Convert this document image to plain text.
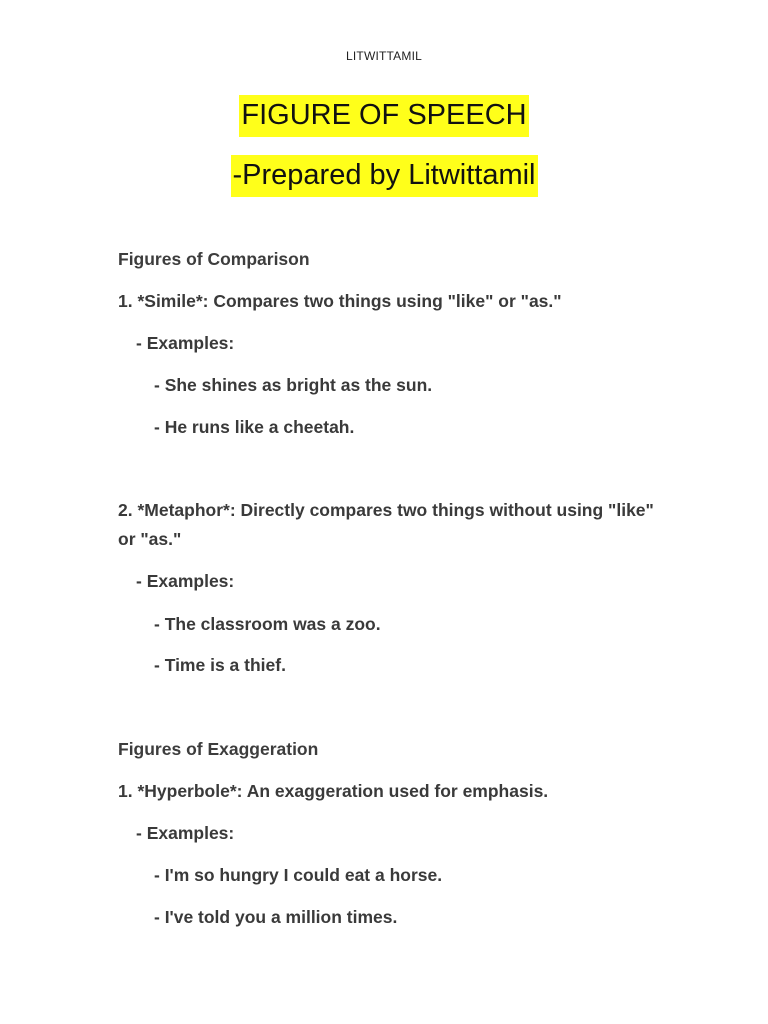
LITWITTAMIL
FIGURE OF SPEECH
-Prepared by Litwittamil
Figures of Comparison
1. *Simile*: Compares two things using "like" or "as."
- Examples:
- She shines as bright as the sun.
- He runs like a cheetah.
2. *Metaphor*: Directly compares two things without using "like"
or "as."
- Examples:
- The classroom was a zoo.
- Time is a thief.
Figures of Exaggeration
1. *Hyperbole*: An exaggeration used for emphasis.
- Examples:
- I'm so hungry I could eat a horse.
- I've told you a million times.
